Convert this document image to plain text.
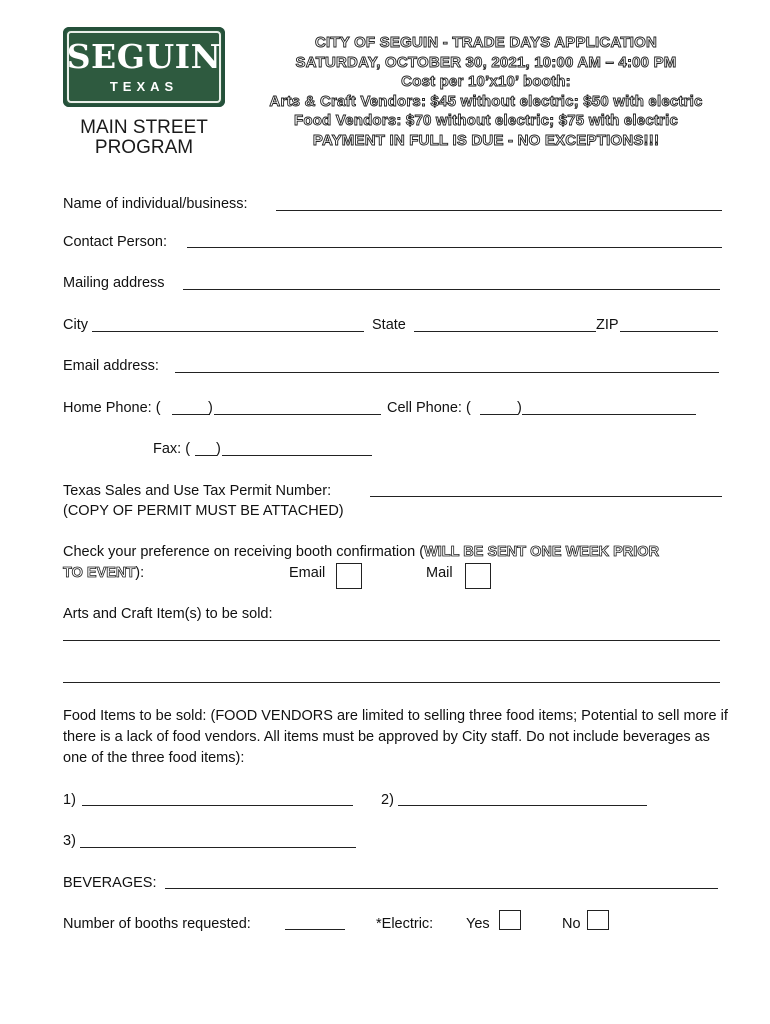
SEGUIN
TEXAS
MAIN STREET
PROGRAM
CITY OF SEGUIN - TRADE DAYS APPLICATION
SATURDAY, OCTOBER 30, 2021, 10:00 AM – 4:00 PM
Cost per 10’x10’ booth:
Arts & Craft Vendors: $45 without electric; $50 with electric
Food Vendors: $70 without electric; $75 with electric
PAYMENT IN FULL IS DUE - NO EXCEPTIONS!!!
Name of individual/business:
Contact Person:
Mailing address
City	State	ZIP
Email address:
Home Phone: (	)	Cell Phone: (	)
Fax: ( )
Texas Sales and Use Tax Permit Number:
(COPY OF PERMIT MUST BE ATTACHED)
Check your preference on receiving booth confirmation (WILL BE SENT ONE WEEK PRIOR
TO EVENT):	Email	Mail
Arts and Craft Item(s) to be sold:
Food Items to be sold: (FOOD VENDORS are limited to selling three food items; Potential to sell more if there is a lack of food vendors. All items must be approved by City staff. Do not include beverages as one of the three food items):
1)	2)
3)
BEVERAGES:
Number of booths requested:	*Electric: Yes	No
